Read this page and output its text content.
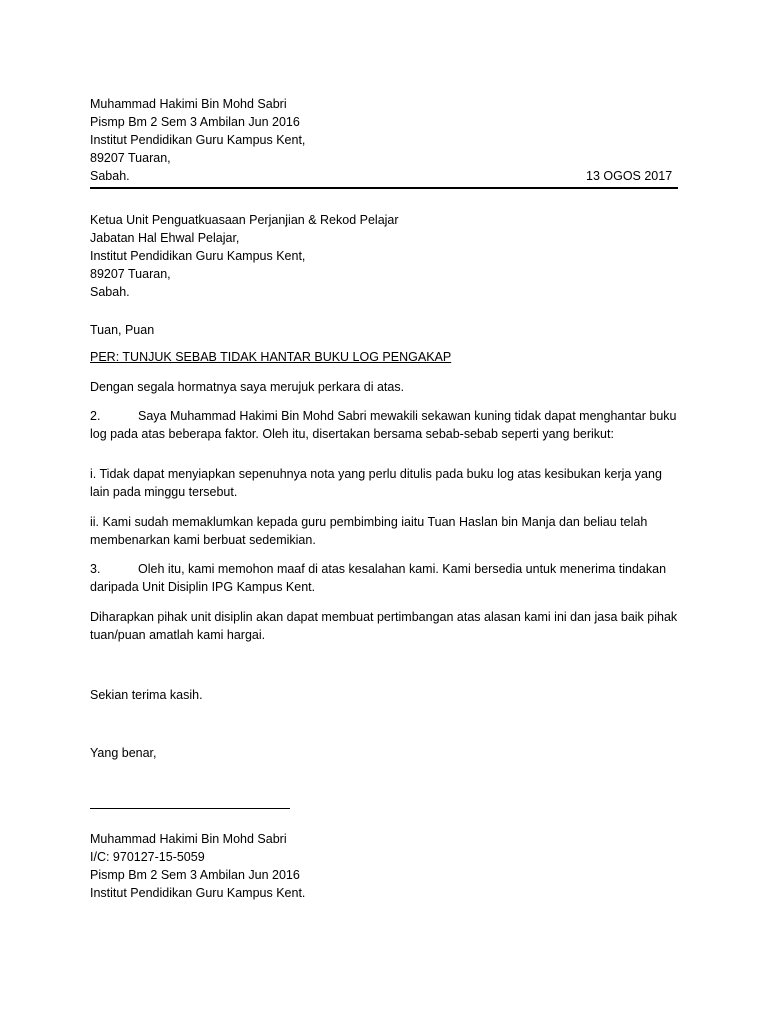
Muhammad Hakimi Bin Mohd Sabri
Pismp Bm 2 Sem 3 Ambilan Jun 2016
Institut Pendidikan Guru Kampus Kent,
89207 Tuaran,
Sabah.	13 OGOS 2017
Ketua Unit Penguatkuasaan Perjanjian & Rekod Pelajar
Jabatan Hal Ehwal Pelajar,
Institut Pendidikan Guru Kampus Kent,
89207 Tuaran,
Sabah.
Tuan, Puan
PER: TUNJUK SEBAB TIDAK HANTAR BUKU LOG PENGAKAP
Dengan segala hormatnya saya merujuk perkara di atas.
2.	Saya Muhammad Hakimi Bin Mohd Sabri mewakili sekawan kuning tidak dapat menghantar buku
log pada atas beberapa faktor. Oleh itu, disertakan bersama sebab-sebab seperti yang berikut:
i. Tidak dapat menyiapkan sepenuhnya nota yang perlu ditulis pada buku log atas kesibukan kerja yang
lain pada minggu tersebut.
ii. Kami sudah memaklumkan kepada guru pembimbing iaitu Tuan Haslan bin Manja dan beliau telah
membenarkan kami berbuat sedemikian.
3.	Oleh itu, kami memohon maaf di atas kesalahan kami. Kami bersedia untuk menerima tindakan
daripada Unit Disiplin IPG Kampus Kent.
Diharapkan pihak unit disiplin akan dapat membuat pertimbangan atas alasan kami ini dan jasa baik pihak
tuan/puan amatlah kami hargai.
Sekian terima kasih.
Yang benar,
Muhammad Hakimi Bin Mohd Sabri
I/C: 970127-15-5059
Pismp Bm 2 Sem 3 Ambilan Jun 2016
Institut Pendidikan Guru Kampus Kent.
